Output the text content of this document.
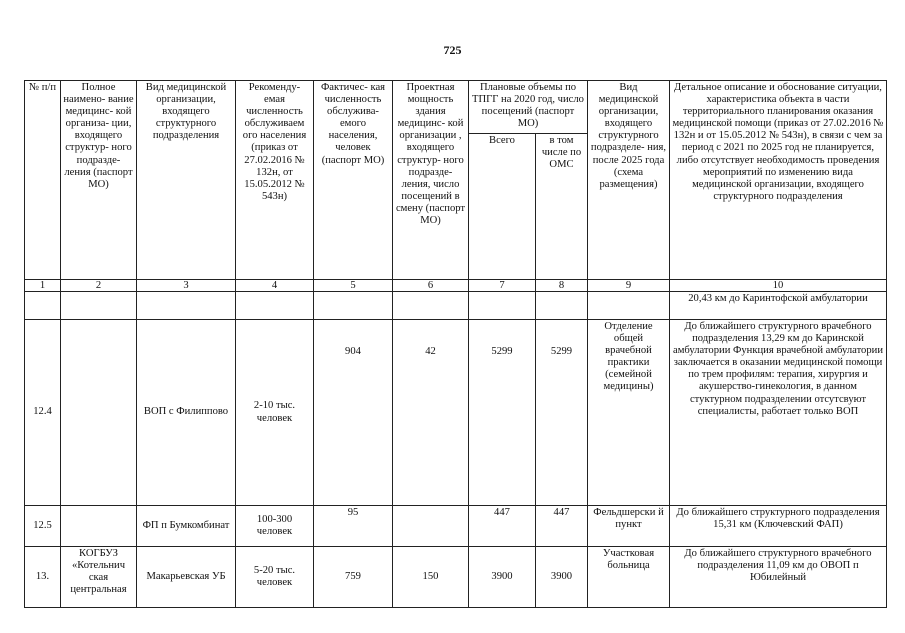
725
№ п/п	Полное наимено- вание медицинс- кой организа- ции, входящего структур- ного подразде- ления (паспорт МО)	Вид медицинской организации, входящего структурного подразделения	Рекоменду- емая численность обслуживаем ого населения (приказ от 27.02.2016 № 132н, от 15.05.2012 № 543н)	Фактичес- кая численность обслужива- емого населения, человек (паспорт МО)	Проектная мощность здания медицинс- кой организации , входящего структур- ного подразде- ления, число посещений в смену (паспорт МО)	Плановые объемы по ТПГГ на 2020 год, число посещений (паспорт МО)		Вид медицинской организации, входящего структурного подразделе- ния, после 2025 года (схема размещения)	Детальное описание и обоснование ситуации, характеристика объекта в части территориального планирования оказания медицинской помощи (приказ от 27.02.2016 № 132н и от 15.05.2012 № 543н), в связи с чем за период с 2021 по 2025 год не планируется, либо отсутствует необходимость проведения мероприятий по изменению вида медицинской организации, входящего структурного подразделения
						Всего	в том числе по ОМС		
1	2	3	4	5	6	7	8	9	10
									20,43 км до Каринтофской амбулатории
12.4		ВОП с Филиппово	2-10 тыс. человек	904	42	5299	5299	Отделение общей врачебной практики (семейной медицины)	До ближайшего структурного врачебного подразделения 13,29 км до Каринской амбулатории Функция врачебной амбулатории заключается в оказании медицинской помощи по трем профилям: терапия, хирургия и акушерство-гинекология, в данном стуктурном подразделении отсутсвуют специалисты, работает только ВОП
12.5		ФП п Бумкомбинат	100-300 человек	95		447	447	Фельдшерски й пункт	До ближайшего структурного подразделения 15,31 км (Ключевский ФАП)
13.	КОГБУЗ «Котельнич ская центральная	Макарьевская УБ	5-20 тыс. человек	759	150	3900	3900	Участковая больница	До ближайшего структурного врачебного подразделения 11,09 км до ОВОП п Юбилейный
